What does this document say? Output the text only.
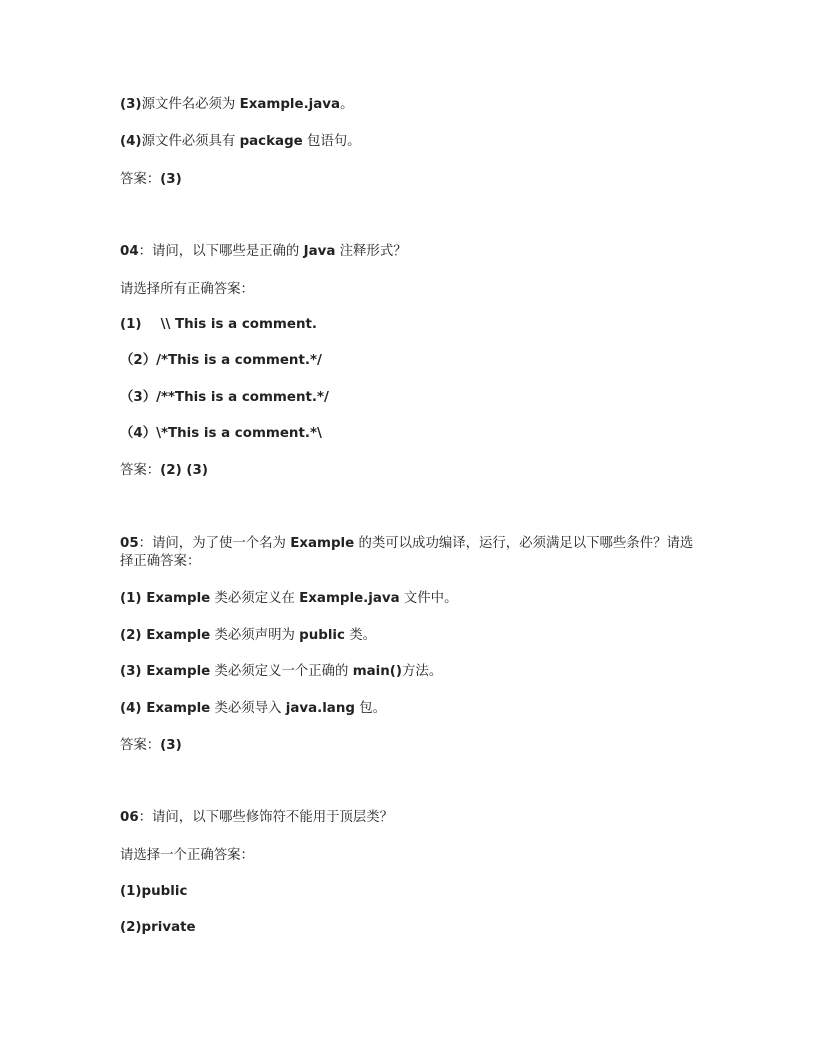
(3)源文件名必须为 Example.java。
(4)源文件必须具有 package 包语句。
答案：(3)
04：请问，以下哪些是正确的 Java 注释形式？
请选择所有正确答案：
(1) \\ This is a comment.
（2）/*This is a comment.*/
（3）/**This is a comment.*/
（4）\*This is a comment.*\
答案：(2) (3)
05：请问，为了使一个名为 Example 的类可以成功编译，运行，必须满足以下哪些条件？请选择正确答案：
(1) Example 类必须定义在 Example.java 文件中。
(2) Example 类必须声明为 public 类。
(3) Example 类必须定义一个正确的 main()方法。
(4) Example 类必须导入 java.lang 包。
答案：(3)
06：请问，以下哪些修饰符不能用于顶层类？
请选择一个正确答案：
(1)public
(2)private
